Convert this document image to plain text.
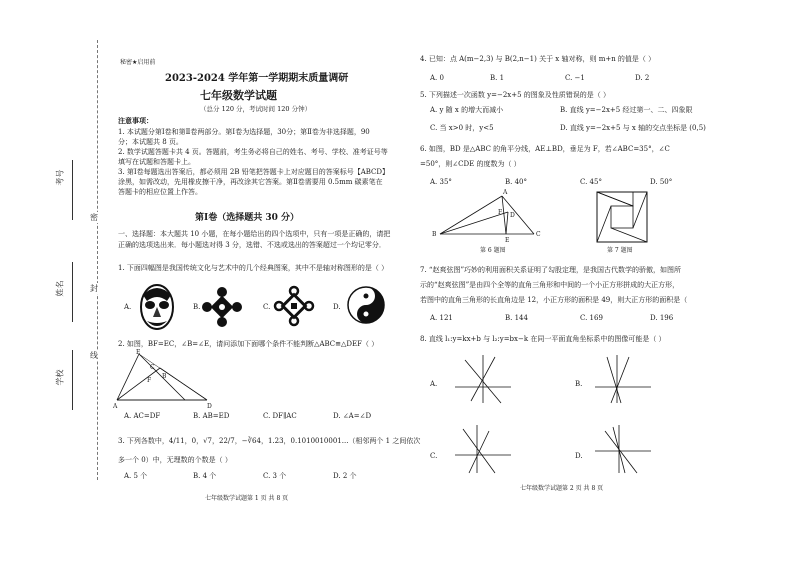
考号
姓名
学校
密
封
线
秘密★启用前
2023-2024 学年第一学期期末质量调研
七年级数学试题
（总分 120 分，考试时间 120 分钟）
注意事项：
1. 本试题分第Ⅰ卷和第Ⅱ卷两部分。第Ⅰ卷为选择题，30分；第Ⅱ卷为非选择题，90
分；本试题共 8 页。
2. 数学试题答题卡共 4 页。答题前，考生务必将自己的姓名、考号、学校、准考证号等
填写在试题和答题卡上。
3. 第Ⅰ卷每题选出答案后，都必须用 2B 铅笔把答题卡上对应题目的答案标号【ABCD】
涂黑，如需改动，先用橡皮擦干净，再改涂其它答案。第Ⅱ卷需要用 0.5mm 碳素笔在
答题卡的相应位置上作答。
第Ⅰ卷（选择题共 30 分）
一、选择题：本大题共 10 小题，在每小题给出的四个选项中，只有一项是正确的，请把
正确的选项选出来．每小题选对得 3 分，选错、不选或选出的答案超过一个均记零分．
1. 下面四幅图是我国传统文化与艺术中的几个经典图案，其中不是轴对称图形的是（ ）
A.	B.	C.	D.
2. 如图，BF=EC，∠B=∠E，请问添加下面哪个条件不能判断△ABC≌△DEF（ ）
E
C
F
B
A	D
A. AC=DF	B. AB=ED	C. DF∥AC	D. ∠A=∠D
3. 下列各数中，4/11，0，√7，22/7，−∛64，1.23，0.1010010001...（相邻两个 1 之间依次
多一个 0）中，无理数的个数是（ ）
A. 5 个	B. 4 个	C. 3 个	D. 2 个
七年级数学试题第 1 页 共 8 页
4. 已知：点 A(m−2,3) 与 B(2,n−1) 关于 x 轴对称，则 m+n 的值是（ ）
A. 0	B. 1	C. −1	D. 2
5. 下列描述一次函数 y=−2x+5 的图象及性质错误的是（ ）
A. y 随 x 的增大而减小	B. 直线 y=−2x+5 经过第一、二、四象限
C. 当 x>0 时，y<5	D. 直线 y=−2x+5 与 x 轴的交点坐标是 (0,5)
6. 如图，BD 是△ABC 的角平分线，AE⊥BD，垂足为 F，若∠ABC=35°，∠C
=50°，则∠CDE 的度数为（ ）
A. 35°	B. 40°	C. 45°	D. 50°
A
F D
B
E
C
第 6 题图	第 7 题图
7. “赵爽弦图”巧妙的利用面积关系证明了勾股定理，是我国古代数学的骄傲，如图所
示的“赵爽弦图”是由四个全等的直角三角形和中间的一个小正方形拼成的大正方形，
若图中的直角三角形的长直角边是 12，小正方形的面积是 49，则大正方形的面积是（
A. 121	B. 144	C. 169	D. 196
8. 直线 l₁:y=kx+b 与 l₂:y=bx−k 在同一平面直角坐标系中的图像可能是（ ）
A.	B.
C.	D.
七年级数学试题第 2 页 共 8 页
